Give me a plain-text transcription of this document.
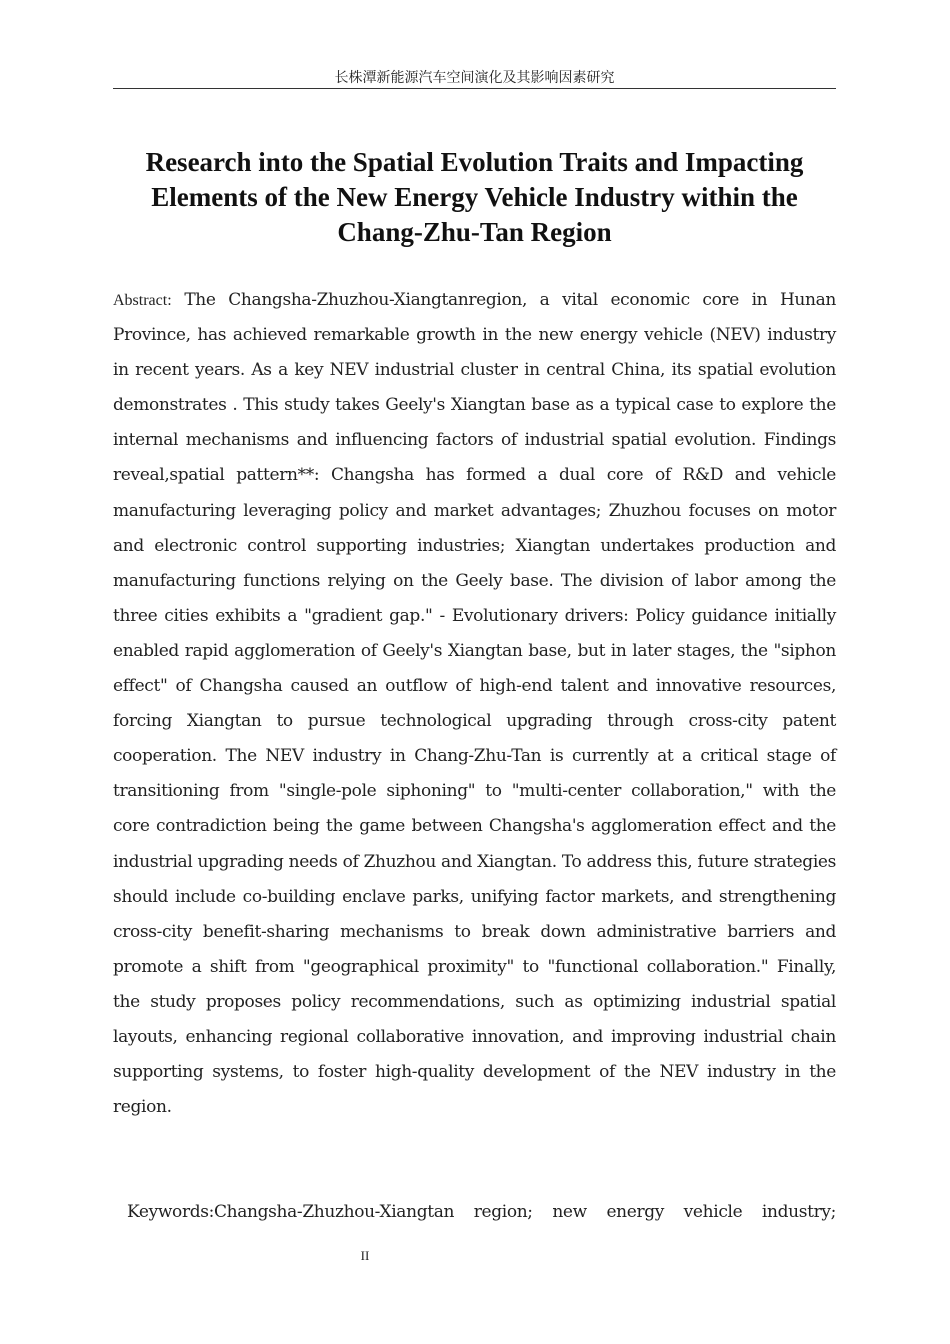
长株潭新能源汽车空间演化及其影响因素研究
Research into the Spatial Evolution Traits and Impacting Elements of the New Energy Vehicle Industry within the Chang-Zhu-Tan Region

Abstract: The Changsha-Zhuzhou-Xiangtanregion, a vital economic core in Hunan Province, has achieved remarkable growth in the new energy vehicle (NEV) industry in recent years. As a key NEV industrial cluster in central China, its spatial evolution demonstrates . This study takes Geely's Xiangtan base as a typical case to explore the internal mechanisms and influencing factors of industrial spatial evolution. Findings reveal,spatial pattern**: Changsha has formed a dual core of R&D and vehicle manufacturing leveraging policy and market advantages; Zhuzhou focuses on motor and electronic control supporting industries; Xiangtan undertakes production and manufacturing functions relying on the Geely base. The division of labor among the three cities exhibits a "gradient gap." - Evolutionary drivers: Policy guidance initially enabled rapid agglomeration of Geely's Xiangtan base, but in later stages, the "siphon effect" of Changsha caused an outflow of high-end talent and innovative resources, forcing Xiangtan to pursue technological upgrading through cross-city patent cooperation. The NEV industry in Chang-Zhu-Tan is currently at a critical stage of transitioning from "single-pole siphoning" to "multi-center collaboration," with the core contradiction being the game between Changsha's agglomeration effect and the industrial upgrading needs of Zhuzhou and Xiangtan. To address this, future strategies should include co-building enclave parks, unifying factor markets, and strengthening cross-city benefit-sharing mechanisms to break down administrative barriers and promote a shift from "geographical proximity" to "functional collaboration." Finally, the study proposes policy recommendations, such as optimizing industrial spatial layouts, enhancing regional collaborative innovation, and improving industrial chain supporting systems, to foster high-quality development of the NEV industry in the region.

Keywords:Changsha-Zhuzhou-Xiangtan region; new energy vehicle industry;

II
